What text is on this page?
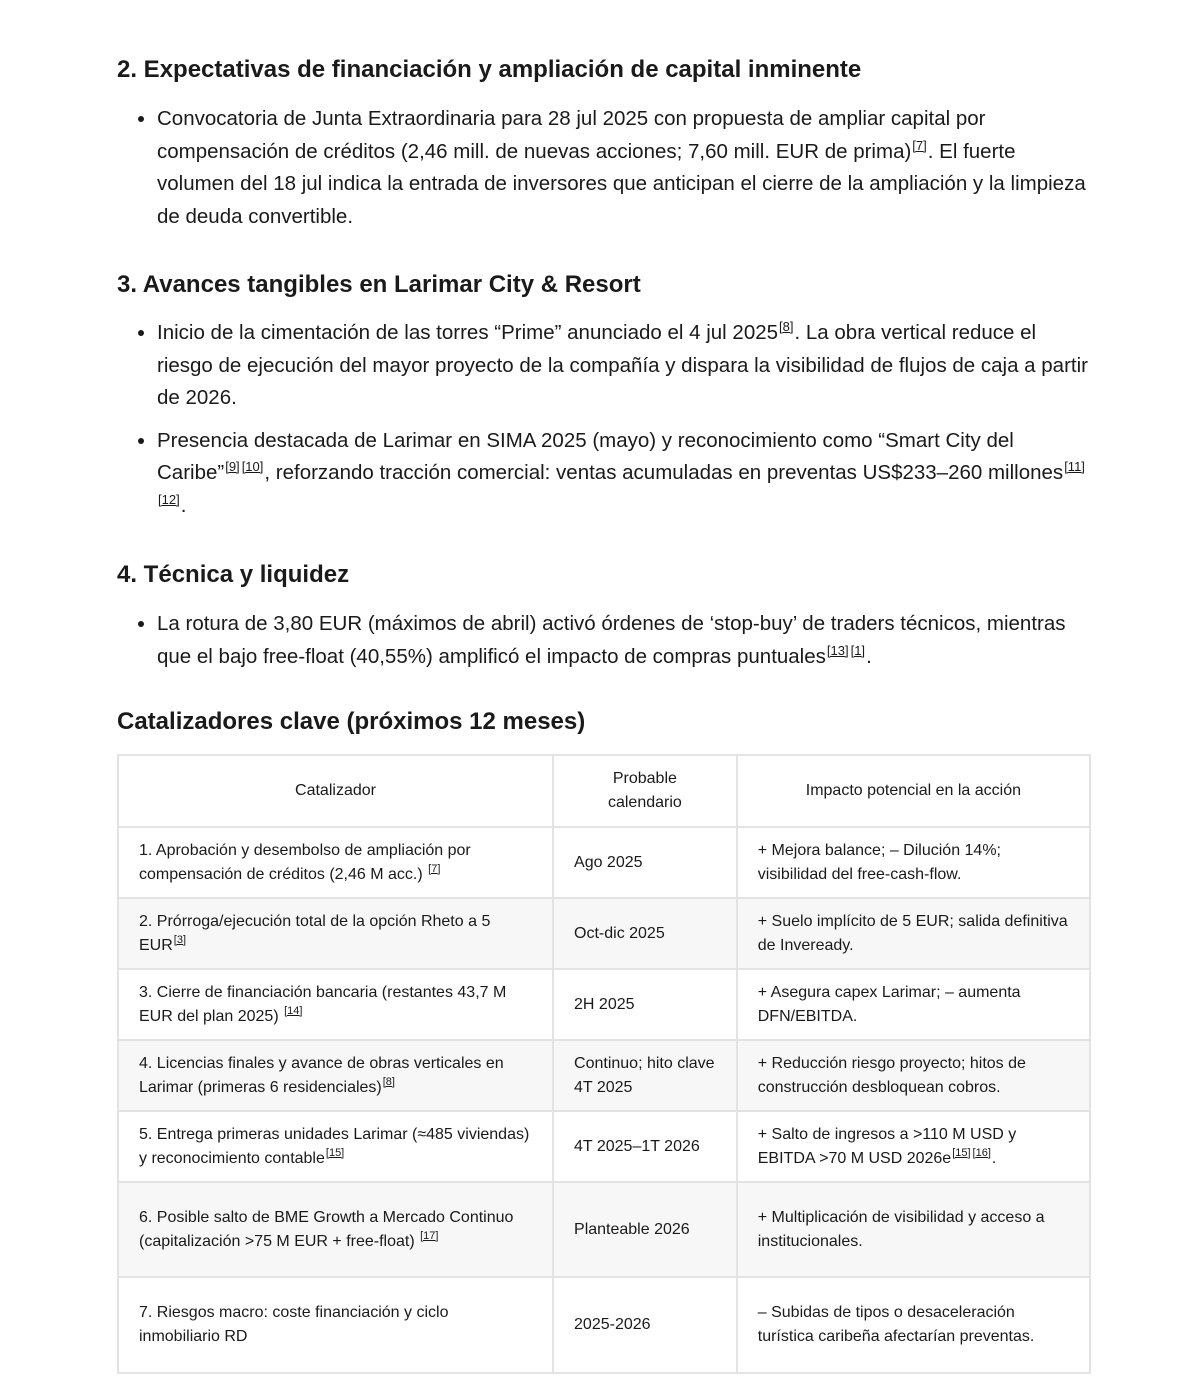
2. Expectativas de financiación y ampliación de capital inminente
• Convocatoria de Junta Extraordinaria para 28 jul 2025 con propuesta de ampliar capital por compensación de créditos (2,46 mill. de nuevas acciones; 7,60 mill. EUR de prima)[7]. El fuerte volumen del 18 jul indica la entrada de inversores que anticipan el cierre de la ampliación y la limpieza de deuda convertible.
3. Avances tangibles en Larimar City & Resort
• Inicio de la cimentación de las torres “Prime” anunciado el 4 jul 2025[8]. La obra vertical reduce el riesgo de ejecución del mayor proyecto de la compañía y dispara la visibilidad de flujos de caja a partir de 2026.
• Presencia destacada de Larimar en SIMA 2025 (mayo) y reconocimiento como “Smart City del Caribe”[9] [10], reforzando tracción comercial: ventas acumuladas en preventas US$233–260 millones[11][12].
4. Técnica y liquidez
• La rotura de 3,80 EUR (máximos de abril) activó órdenes de ‘stop-buy’ de traders técnicos, mientras que el bajo free-float (40,55%) amplificó el impacto de compras puntuales[13] [1].
Catalizadores clave (próximos 12 meses)
Catalizador	Probable calendario	Impacto potencial en la acción
1. Aprobación y desembolso de ampliación por compensación de créditos (2,46 M acc.) [7]	Ago 2025	+ Mejora balance; – Dilución 14%; visibilidad del free-cash-flow.
2. Prórroga/ejecución total de la opción Rheto a 5 EUR[3]	Oct-dic 2025	+ Suelo implícito de 5 EUR; salida definitiva de Inveready.
3. Cierre de financiación bancaria (restantes 43,7 M EUR del plan 2025) [14]	2H 2025	+ Asegura capex Larimar; – aumenta DFN/EBITDA.
4. Licencias finales y avance de obras verticales en Larimar (primeras 6 residenciales)[8]	Continuo; hito clave 4T 2025	+ Reducción riesgo proyecto; hitos de construcción desbloquean cobros.
5. Entrega primeras unidades Larimar (≈485 viviendas) y reconocimiento contable[15]	4T 2025–1T 2026	+ Salto de ingresos a >110 M USD y EBITDA >70 M USD 2026e[15] [16].
6. Posible salto de BME Growth a Mercado Continuo (capitalización >75 M EUR + free-float) [17]	Planteable 2026	+ Multiplicación de visibilidad y acceso a institucionales.
7. Riesgos macro: coste financiación y ciclo inmobiliario RD	2025-2026	– Subidas de tipos o desaceleración turística caribeña afectarían preventas.
